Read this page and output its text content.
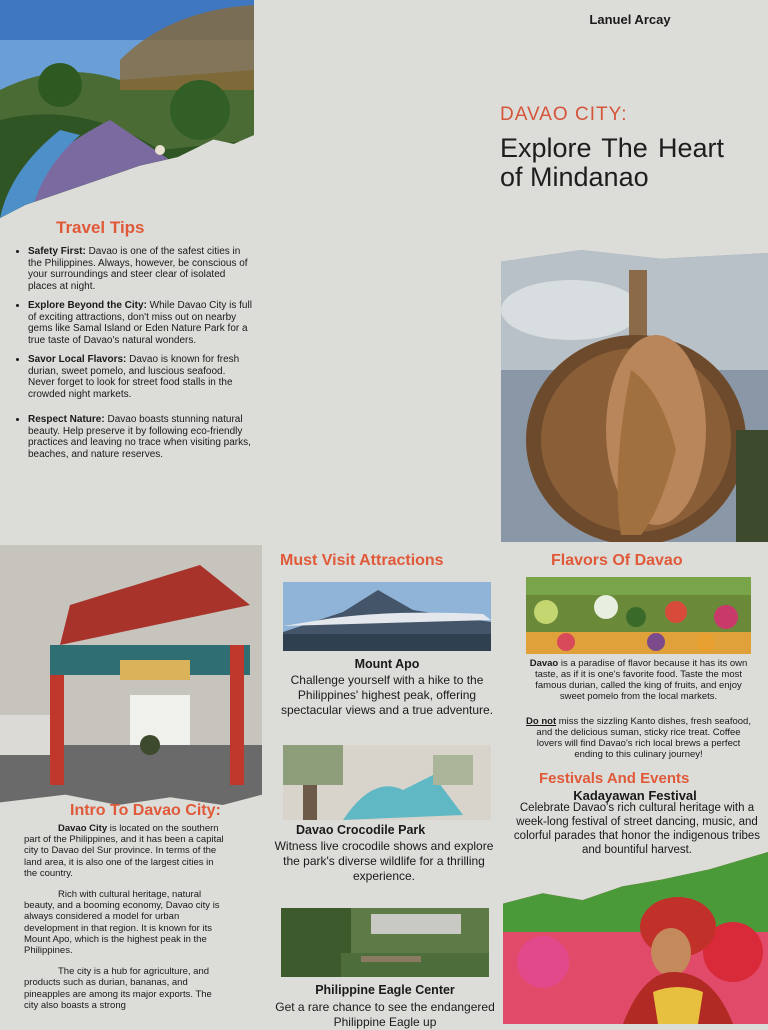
Lanuel Arcay
DAVAO CITY:
Explore The Heart of Mindanao
Travel Tips
• Safety First: Davao is one of the safest cities in the Philippines. Always, however, be conscious of your surroundings and steer clear of isolated places at night.
• Explore Beyond the City: While Davao City is full of exciting attractions, don't miss out on nearby gems like Samal Island or Eden Nature Park for a true taste of Davao's natural wonders.
• Savor Local Flavors: Davao is known for fresh durian, sweet pomelo, and luscious seafood. Never forget to look for street food stalls in the crowded night markets.
• Respect Nature: Davao boasts stunning natural beauty. Help preserve it by following eco-friendly practices and leaving no trace when visiting parks, beaches, and nature reserves.
Intro To Davao City:

Davao City is located on the southern part of the Philippines, and it has been a capital city to Davao del Sur province. In terms of the land area, it is also one of the largest cities in the country.

Rich with cultural heritage, natural beauty, and a booming economy, Davao city is always considered a model for urban development in that region. It is known for its Mount Apo, which is the highest peak in the Philippines.

The city is a hub for agriculture, and products such as durian, bananas, and pineapples are among its major exports. The city also boasts a strong

Must Visit Attractions
Mount Apo
Challenge yourself with a hike to the Philippines' highest peak, offering spectacular views and a true adventure.
Davao Crocodile Park
Witness live crocodile shows and explore the park's diverse wildlife for a thrilling experience.
Philippine Eagle Center
Get a rare chance to see the endangered Philippine Eagle up
Flavors Of Davao
Davao is a paradise of flavor because it has its own taste, as if it is one's favorite food. Taste the most famous durian, called the king of fruits, and enjoy sweet pomelo from the local markets.
Do not miss the sizzling Kanto dishes, fresh seafood, and the delicious suman, sticky rice treat. Coffee lovers will find Davao's rich local brews a perfect ending to this culinary journey!
Festivals And Events
Kadayawan Festival
Celebrate Davao's rich cultural heritage with a week-long festival of street dancing, music, and colorful parades that honor the indigenous tribes and bountiful harvest.
